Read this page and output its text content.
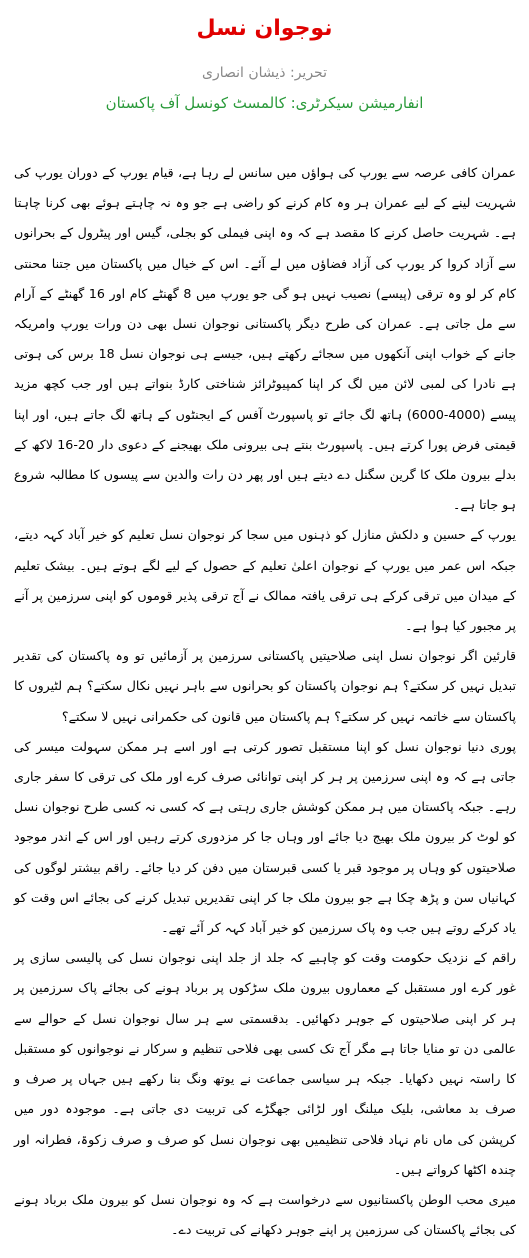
نوجوان نسل
تحریر: ذیشان انصاری
انفارمیشن سیکرٹری: کالمسٹ کونسل آف پاکستان

عمران کافی عرصہ سے یورپ کی ہواؤں میں سانس لے رہا ہے، قیام یورپ کے دوران یورپ کی شہریت لینے کے لیے عمران ہر وہ کام کرنے کو راضی ہے جو وہ نہ چاہتے ہوئے بھی کرنا چاہتا ہے۔ شہریت حاصل کرنے کا مقصد ہے کہ وہ اپنی فیملی کو بجلی، گیس اور پیٹرول کے بحرانوں سے آزاد کروا کر یورپ کی آزاد فضاؤں میں لے آئے۔ اس کے خیال میں پاکستان میں جتنا محنتی کام کر لو وہ ترقی (پیسے) نصیب نہیں ہو گی جو یورپ میں 8 گھنٹے کام اور 16 گھنٹے کے آرام سے مل جاتی ہے۔ عمران کی طرح دیگر پاکستانی نوجوان نسل بھی دن ورات یورپ وامریکہ جانے کے خواب اپنی آنکھوں میں سجائے رکھتے ہیں، جیسے ہی نوجوان نسل 18 برس کی ہوتی ہے نادرا کی لمبی لائن میں لگ کر اپنا کمپیوٹرائز شناختی کارڈ بنواتے ہیں اور جب کچھ مزید پیسے (4000-6000) ہاتھ لگ جائے تو پاسپورٹ آفس کے ایجنٹوں کے ہاتھ لگ جاتے ہیں، اور اپنا قیمتی فرض پورا کرتے ہیں۔ پاسپورٹ بنتے ہی بیرونی ملک بھیجنے کے دعوی دار 20-16 لاکھ کے بدلے بیرون ملک کا گرین سگنل دے دیتے ہیں اور پھر دن رات والدین سے پیسوں کا مطالبہ شروع ہو جاتا ہے۔

یورپ کے حسین و دلکش منازل کو ذہنوں میں سجا کر نوجوان نسل تعلیم کو خیر آباد کہہ دیتے، جبکہ اس عمر میں یورپ کے نوجوان اعلیٰ تعلیم کے حصول کے لیے لگے ہوتے ہیں۔ بیشک تعلیم کے میدان میں ترقی کرکے ہی ترقی یافتہ ممالک نے آج ترقی پذیر قوموں کو اپنی سرزمین پر آنے پر مجبور کیا ہوا ہے۔

قارئین اگر نوجوان نسل اپنی صلاحیتیں پاکستانی سرزمین پر آزمائیں تو وہ پاکستان کی تقدیر تبدیل نہیں کر سکتے؟ ہم نوجوان پاکستان کو بحرانوں سے باہر نہیں نکال سکتے؟ ہم لٹیروں کا پاکستان سے خاتمہ نہیں کر سکتے؟ ہم پاکستان میں قانون کی حکمرانی نہیں لا سکتے؟

پوری دنیا نوجوان نسل کو اپنا مستقبل تصور کرتی ہے اور اسے ہر ممکن سہولت میسر کی جاتی ہے کہ وہ اپنی سرزمین پر ہر کر اپنی توانائی صرف کرے اور ملک کی ترقی کا سفر جاری رہے۔ جبکہ پاکستان میں ہر ممکن کوشش جاری رہتی ہے کہ کسی نہ کسی طرح نوجوان نسل کو لوٹ کر بیرون ملک بھیج دیا جائے اور وہاں جا کر مزدوری کرتے رہیں اور اس کے اندر موجود صلاحیتوں کو وہاں پر موجود قبر یا کسی قبرستان میں دفن کر دیا جائے۔ راقم بیشتر لوگوں کی کہانیاں سن و پڑھ چکا ہے جو بیرون ملک جا کر اپنی تقدیریں تبدیل کرنے کی بجائے اس وقت کو یاد کرکے روتے ہیں جب وہ پاک سرزمین کو خیر آباد کہہ کر آئے تھے۔

راقم کے نزدیک حکومت وقت کو چاہیے کہ جلد از جلد اپنی نوجوان نسل کی پالیسی سازی پر غور کرے اور مستقبل کے معماروں بیرون ملک سڑکوں پر برباد ہونے کی بجائے پاک سرزمین پر ہر کر اپنی صلاحیتوں کے جوہر دکھائیں۔ بدقسمتی سے ہر سال نوجوان نسل کے حوالے سے عالمی دن تو منایا جاتا ہے مگر آج تک کسی بھی فلاحی تنظیم و سرکار نے نوجوانوں کو مستقبل کا راستہ نہیں دکھایا۔ جبکہ ہر سیاسی جماعت نے یوتھ ونگ بنا رکھے ہیں جہاں پر صرف و صرف بد معاشی، بلیک میلنگ اور لڑائی جھگڑے کی تربیت دی جاتی ہے۔ موجودہ دور میں کرپشن کی ماں نام نہاد فلاحی تنظیمیں بھی نوجوان نسل کو صرف و صرف زکوۃ، فطرانہ اور چندہ اکٹھا کرواتے ہیں۔

میری محب الوطن پاکستانیوں سے درخواست ہے کہ وہ نوجوان نسل کو بیرون ملک برباد ہونے کی بجائے پاکستان کی سرزمین پر اپنے جوہر دکھانے کی تربیت دے۔
